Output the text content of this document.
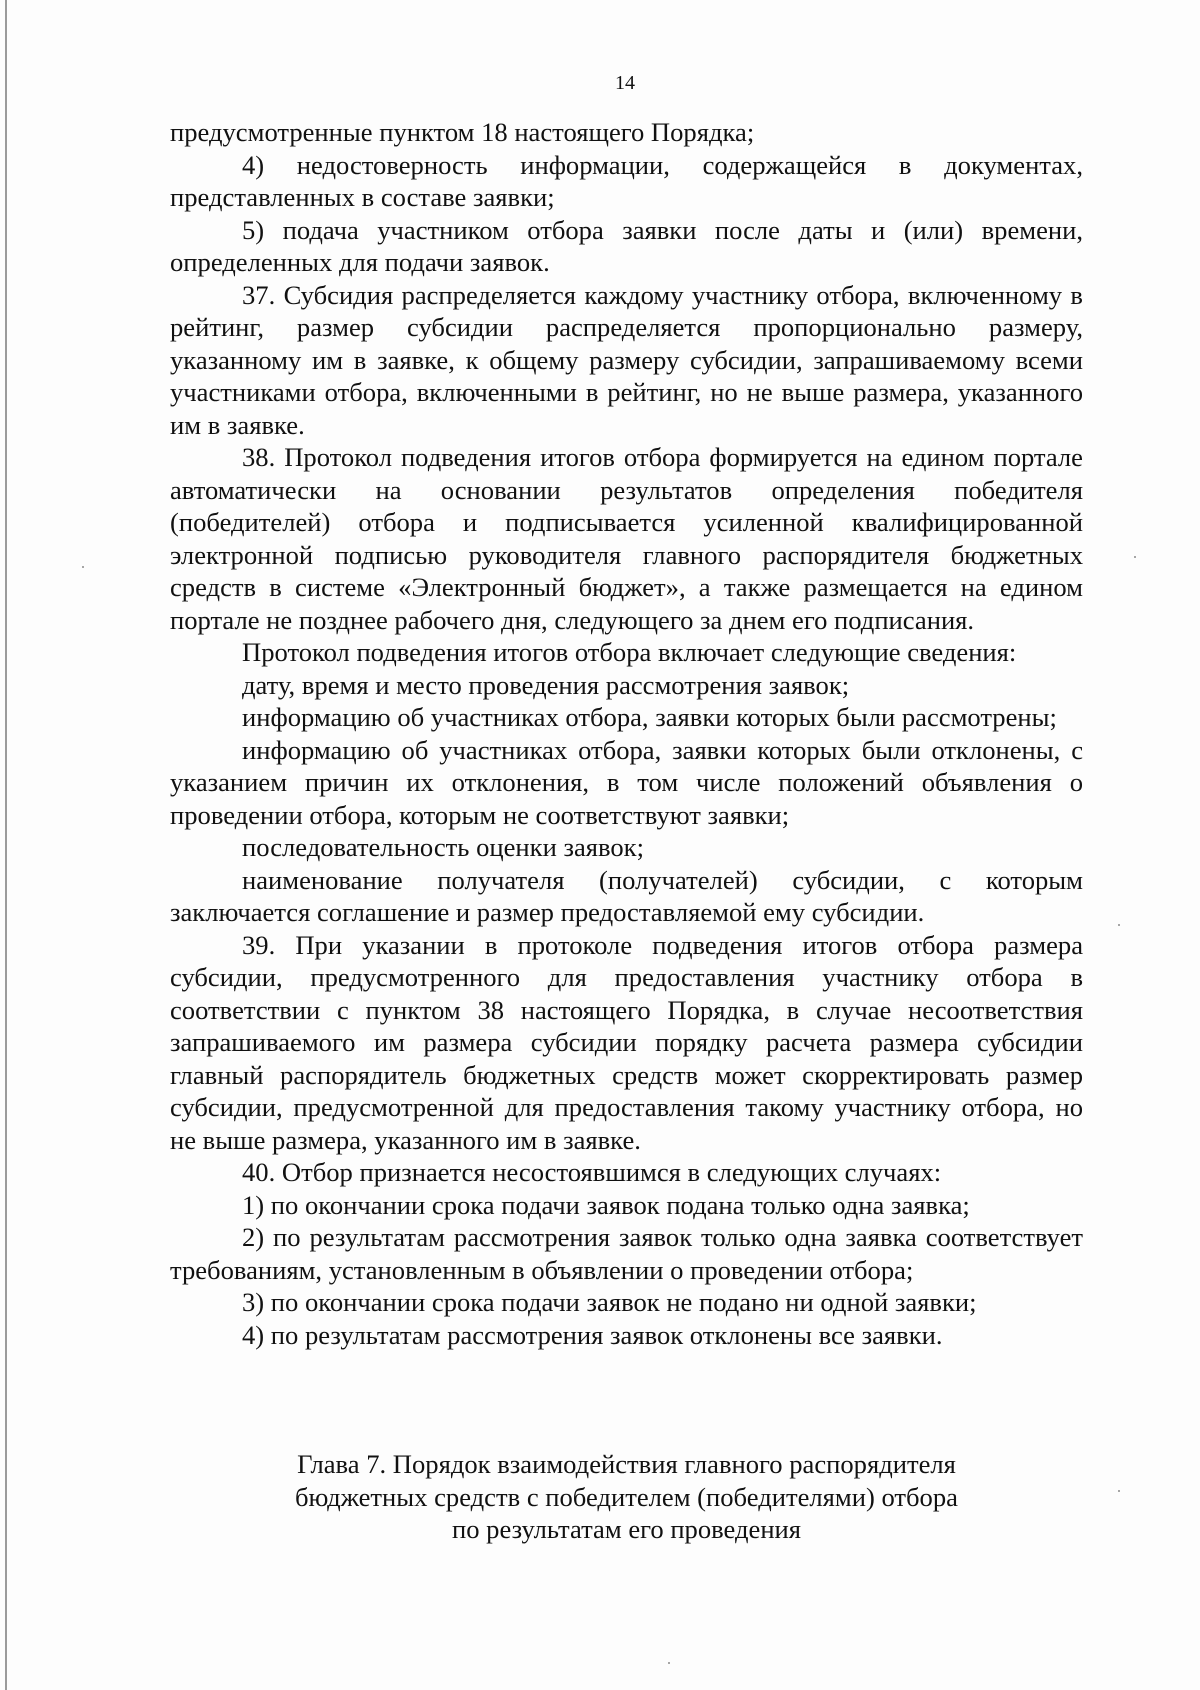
14

предусмотренные пунктом 18 настоящего Порядка;

4) недостоверность информации, содержащейся в документах, представленных в составе заявки;

5) подача участником отбора заявки после даты и (или) времени, определенных для подачи заявок.

37. Субсидия распределяется каждому участнику отбора, включенному в рейтинг, размер субсидии распределяется пропорционально размеру, указанному им в заявке, к общему размеру субсидии, запрашиваемому всеми участниками отбора, включенными в рейтинг, но не выше размера, указанного им в заявке.

38. Протокол подведения итогов отбора формируется на едином портале автоматически на основании результатов определения победителя (победителей) отбора и подписывается усиленной квалифицированной электронной подписью руководителя главного распорядителя бюджетных средств в системе «Электронный бюджет», а также размещается на едином портале не позднее рабочего дня, следующего за днем его подписания.

Протокол подведения итогов отбора включает следующие сведения:

дату, время и место проведения рассмотрения заявок;

информацию об участниках отбора, заявки которых были рассмотрены;

информацию об участниках отбора, заявки которых были отклонены, с указанием причин их отклонения, в том числе положений объявления о проведении отбора, которым не соответствуют заявки;

последовательность оценки заявок;

наименование получателя (получателей) субсидии, с которым заключается соглашение и размер предоставляемой ему субсидии.

39. При указании в протоколе подведения итогов отбора размера субсидии, предусмотренного для предоставления участнику отбора в соответствии с пунктом 38 настоящего Порядка, в случае несоответствия запрашиваемого им размера субсидии порядку расчета размера субсидии главный распорядитель бюджетных средств может скорректировать размер субсидии, предусмотренной для предоставления такому участнику отбора, но не выше размера, указанного им в заявке.

40. Отбор признается несостоявшимся в следующих случаях:

1) по окончании срока подачи заявок подана только одна заявка;

2) по результатам рассмотрения заявок только одна заявка соответствует требованиям, установленным в объявлении о проведении отбора;

3) по окончании срока подачи заявок не подано ни одной заявки;

4) по результатам рассмотрения заявок отклонены все заявки.

Глава 7. Порядок взаимодействия главного распорядителя
бюджетных средств с победителем (победителями) отбора
по результатам его проведения
